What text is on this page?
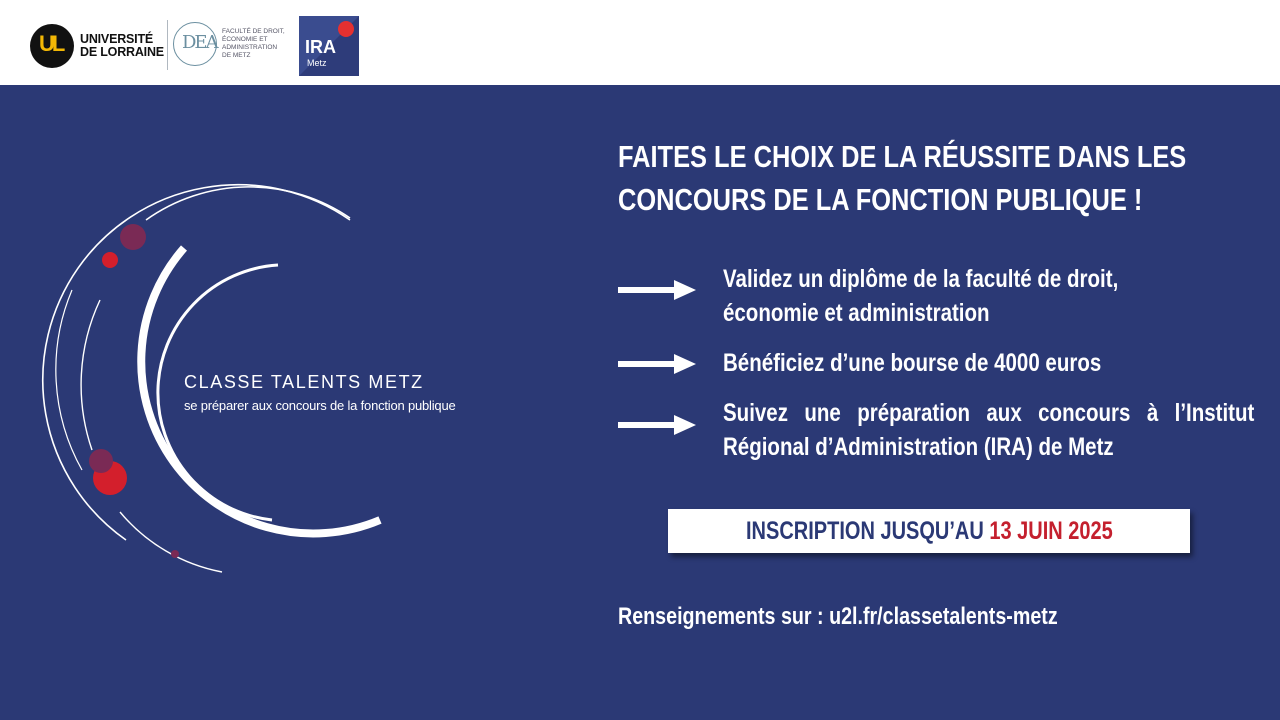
UL UNIVERSITÉ
DE LORRAINE DEA
FACULTÉ DE DROIT,
ÉCONOMIE ET
ADMINISTRATION
DE METZ	IRA
Metz
CLASSE TALENTS METZ
se préparer aux concours de la fonction publique
FAITES LE CHOIX DE LA RÉUSSITE DANS LES
CONCOURS DE LA FONCTION PUBLIQUE !
Validez un diplôme de la faculté de droit,
économie et administration
Bénéficiez d’une bourse de 4000 euros
Suivez une préparation aux concours à l’Institut
Régional d’Administration (IRA) de Metz
INSCRIPTION JUSQU’AU 13 JUIN 2025
Renseignements sur : u2l.fr/classetalents-metz
